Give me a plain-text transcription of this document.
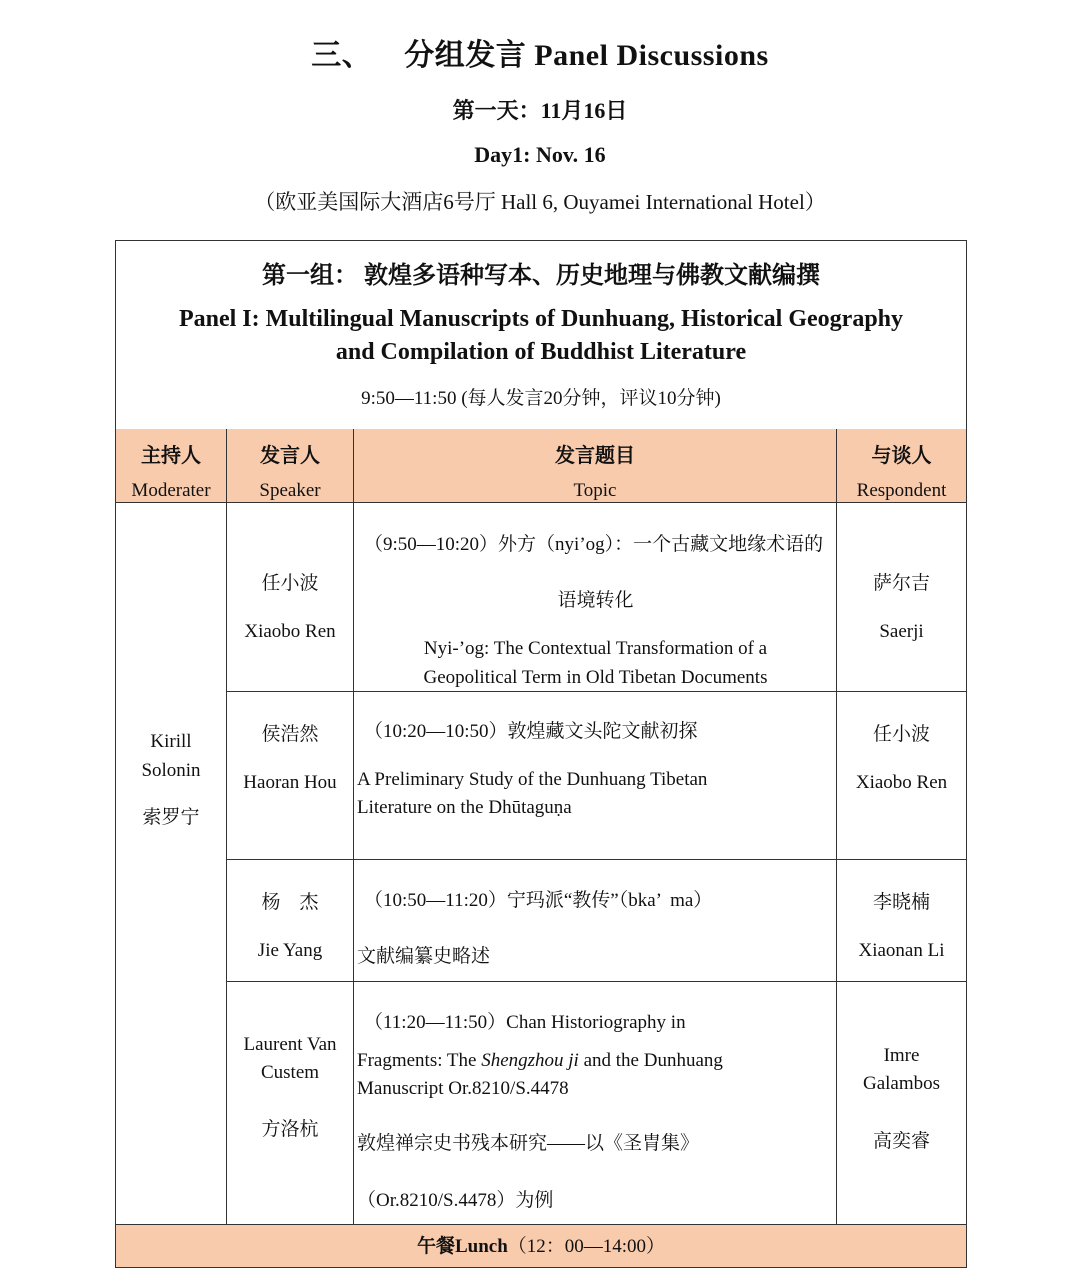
三、 分组发言 Panel Discussions
第一天：11月16日
Day1: Nov. 16
（欧亚美国际大酒店6号厅 Hall 6, Ouyamei International Hotel）
第一组： 敦煌多语种写本、历史地理与佛教文献编撰
Panel I: Multilingual Manuscripts of Dunhuang, Historical Geography
and Compilation of Buddhist Literature
9:50—11:50 (每人发言20分钟，评议10分钟)
主持人
Moderater
发言人
Speaker
发言题目
Topic
与谈人
Respondent
Kirill
Solonin
索罗宁
任小波
Xiaobo Ren
（9:50—10:20）外方（nyi’og）：一个古藏文地缘术语的
语境转化
Nyi-’og: The Contextual Transformation of a
Geopolitical Term in Old Tibetan Documents
萨尔吉
Saerji
侯浩然
Haoran Hou
（10:20—10:50）敦煌藏文头陀文献初探
A Preliminary Study of the Dunhuang Tibetan
Literature on the Dhūtaguṇa
任小波
Xiaobo Ren
杨    杰
Jie Yang
（10:50—11:20）宁玛派“教传”（bka’  ma）
文献编纂史略述
李晓楠
Xiaonan Li
Laurent Van
Custem
方洛杭
（11:20—11:50）Chan Historiography in
Fragments: The Shengzhou ji and the Dunhuang
Manuscript Or.8210/S.4478
敦煌禅宗史书残本研究——以《圣胄集》
（Or.8210/S.4478）为例
Imre
Galambos
高奕睿
午餐Lunch（12：00—14:00）
